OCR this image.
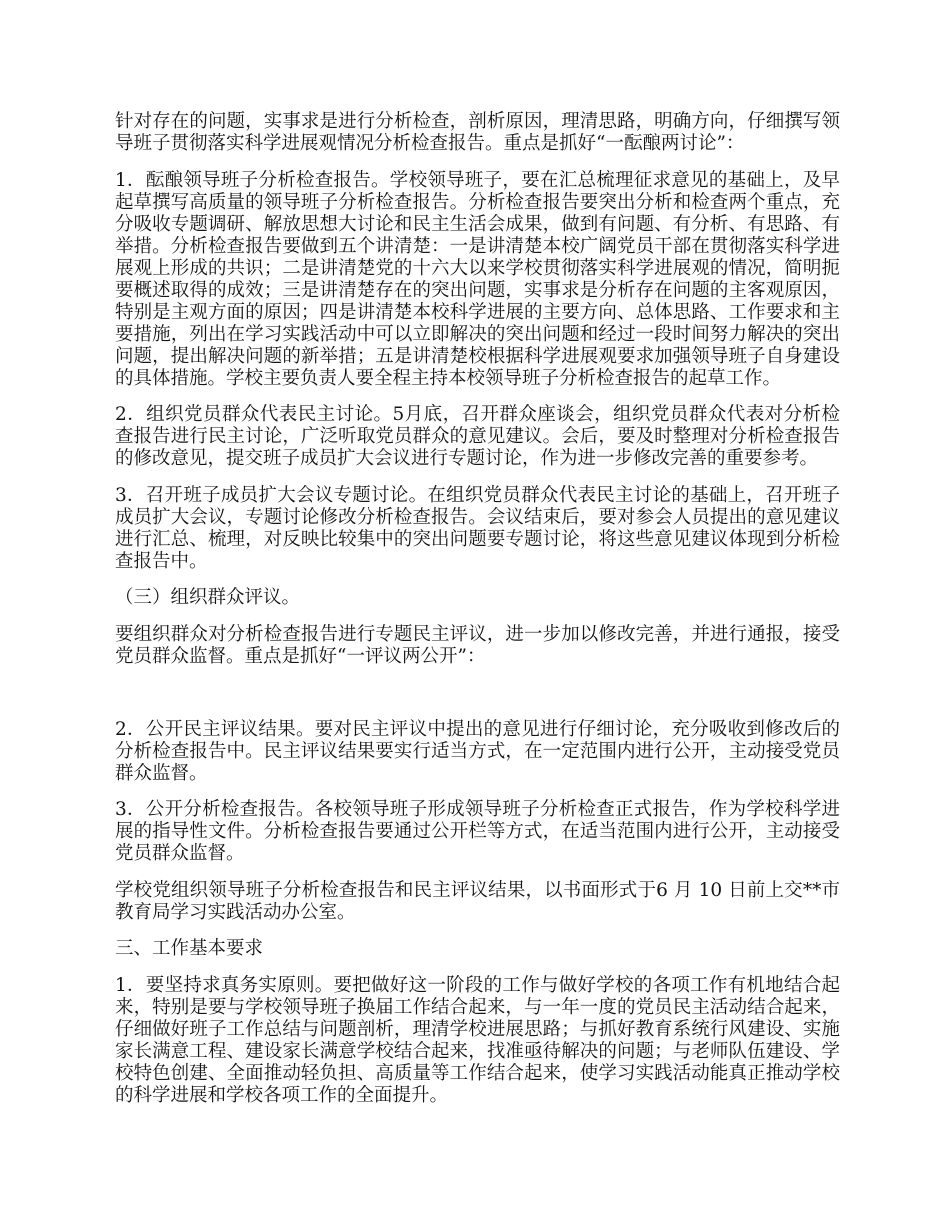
针对存在的问题，实事求是进行分析检查，剖析原因，理清思路，明确方向，仔细撰写领导班子贯彻落实科学进展观情况分析检查报告。重点是抓好“一酝酿两讨论”：

1．酝酿领导班子分析检查报告。学校领导班子，要在汇总梳理征求意见的基础上，及早起草撰写高质量的领导班子分析检查报告。分析检查报告要突出分析和检查两个重点，充分吸收专题调研、解放思想大讨论和民主生活会成果，做到有问题、有分析、有思路、有举措。分析检查报告要做到五个讲清楚：一是讲清楚本校广阔党员干部在贯彻落实科学进展观上形成的共识；二是讲清楚党的十六大以来学校贯彻落实科学进展观的情况，简明扼要概述取得的成效；三是讲清楚存在的突出问题，实事求是分析存在问题的主客观原因，特别是主观方面的原因；四是讲清楚本校科学进展的主要方向、总体思路、工作要求和主要措施，列出在学习实践活动中可以立即解决的突出问题和经过一段时间努力解决的突出问题，提出解决问题的新举措；五是讲清楚校根据科学进展观要求加强领导班子自身建设的具体措施。学校主要负责人要全程主持本校领导班子分析检查报告的起草工作。

2．组织党员群众代表民主讨论。5月底，召开群众座谈会，组织党员群众代表对分析检查报告进行民主讨论，广泛听取党员群众的意见建议。会后，要及时整理对分析检查报告的修改意见，提交班子成员扩大会议进行专题讨论，作为进一步修改完善的重要参考。

3．召开班子成员扩大会议专题讨论。在组织党员群众代表民主讨论的基础上，召开班子成员扩大会议，专题讨论修改分析检查报告。会议结束后，要对参会人员提出的意见建议进行汇总、梳理，对反映比较集中的突出问题要专题讨论，将这些意见建议体现到分析检查报告中。

（三）组织群众评议。

要组织群众对分析检查报告进行专题民主评议，进一步加以修改完善，并进行通报，接受党员群众监督。重点是抓好“一评议两公开”：

2．公开民主评议结果。要对民主评议中提出的意见进行仔细讨论，充分吸收到修改后的分析检查报告中。民主评议结果要实行适当方式，在一定范围内进行公开，主动接受党员群众监督。

3．公开分析检查报告。各校领导班子形成领导班子分析检查正式报告，作为学校科学进展的指导性文件。分析检查报告要通过公开栏等方式，在适当范围内进行公开，主动接受党员群众监督。

学校党组织领导班子分析检查报告和民主评议结果，以书面形式于6 月 10 日前上交**市教育局学习实践活动办公室。

三、工作基本要求

1．要坚持求真务实原则。要把做好这一阶段的工作与做好学校的各项工作有机地结合起来，特别是要与学校领导班子换届工作结合起来，与一年一度的党员民主活动结合起来，仔细做好班子工作总结与问题剖析，理清学校进展思路；与抓好教育系统行风建设、实施家长满意工程、建设家长满意学校结合起来，找准亟待解决的问题；与老师队伍建设、学校特色创建、全面推动轻负担、高质量等工作结合起来，使学习实践活动能真正推动学校的科学进展和学校各项工作的全面提升。
